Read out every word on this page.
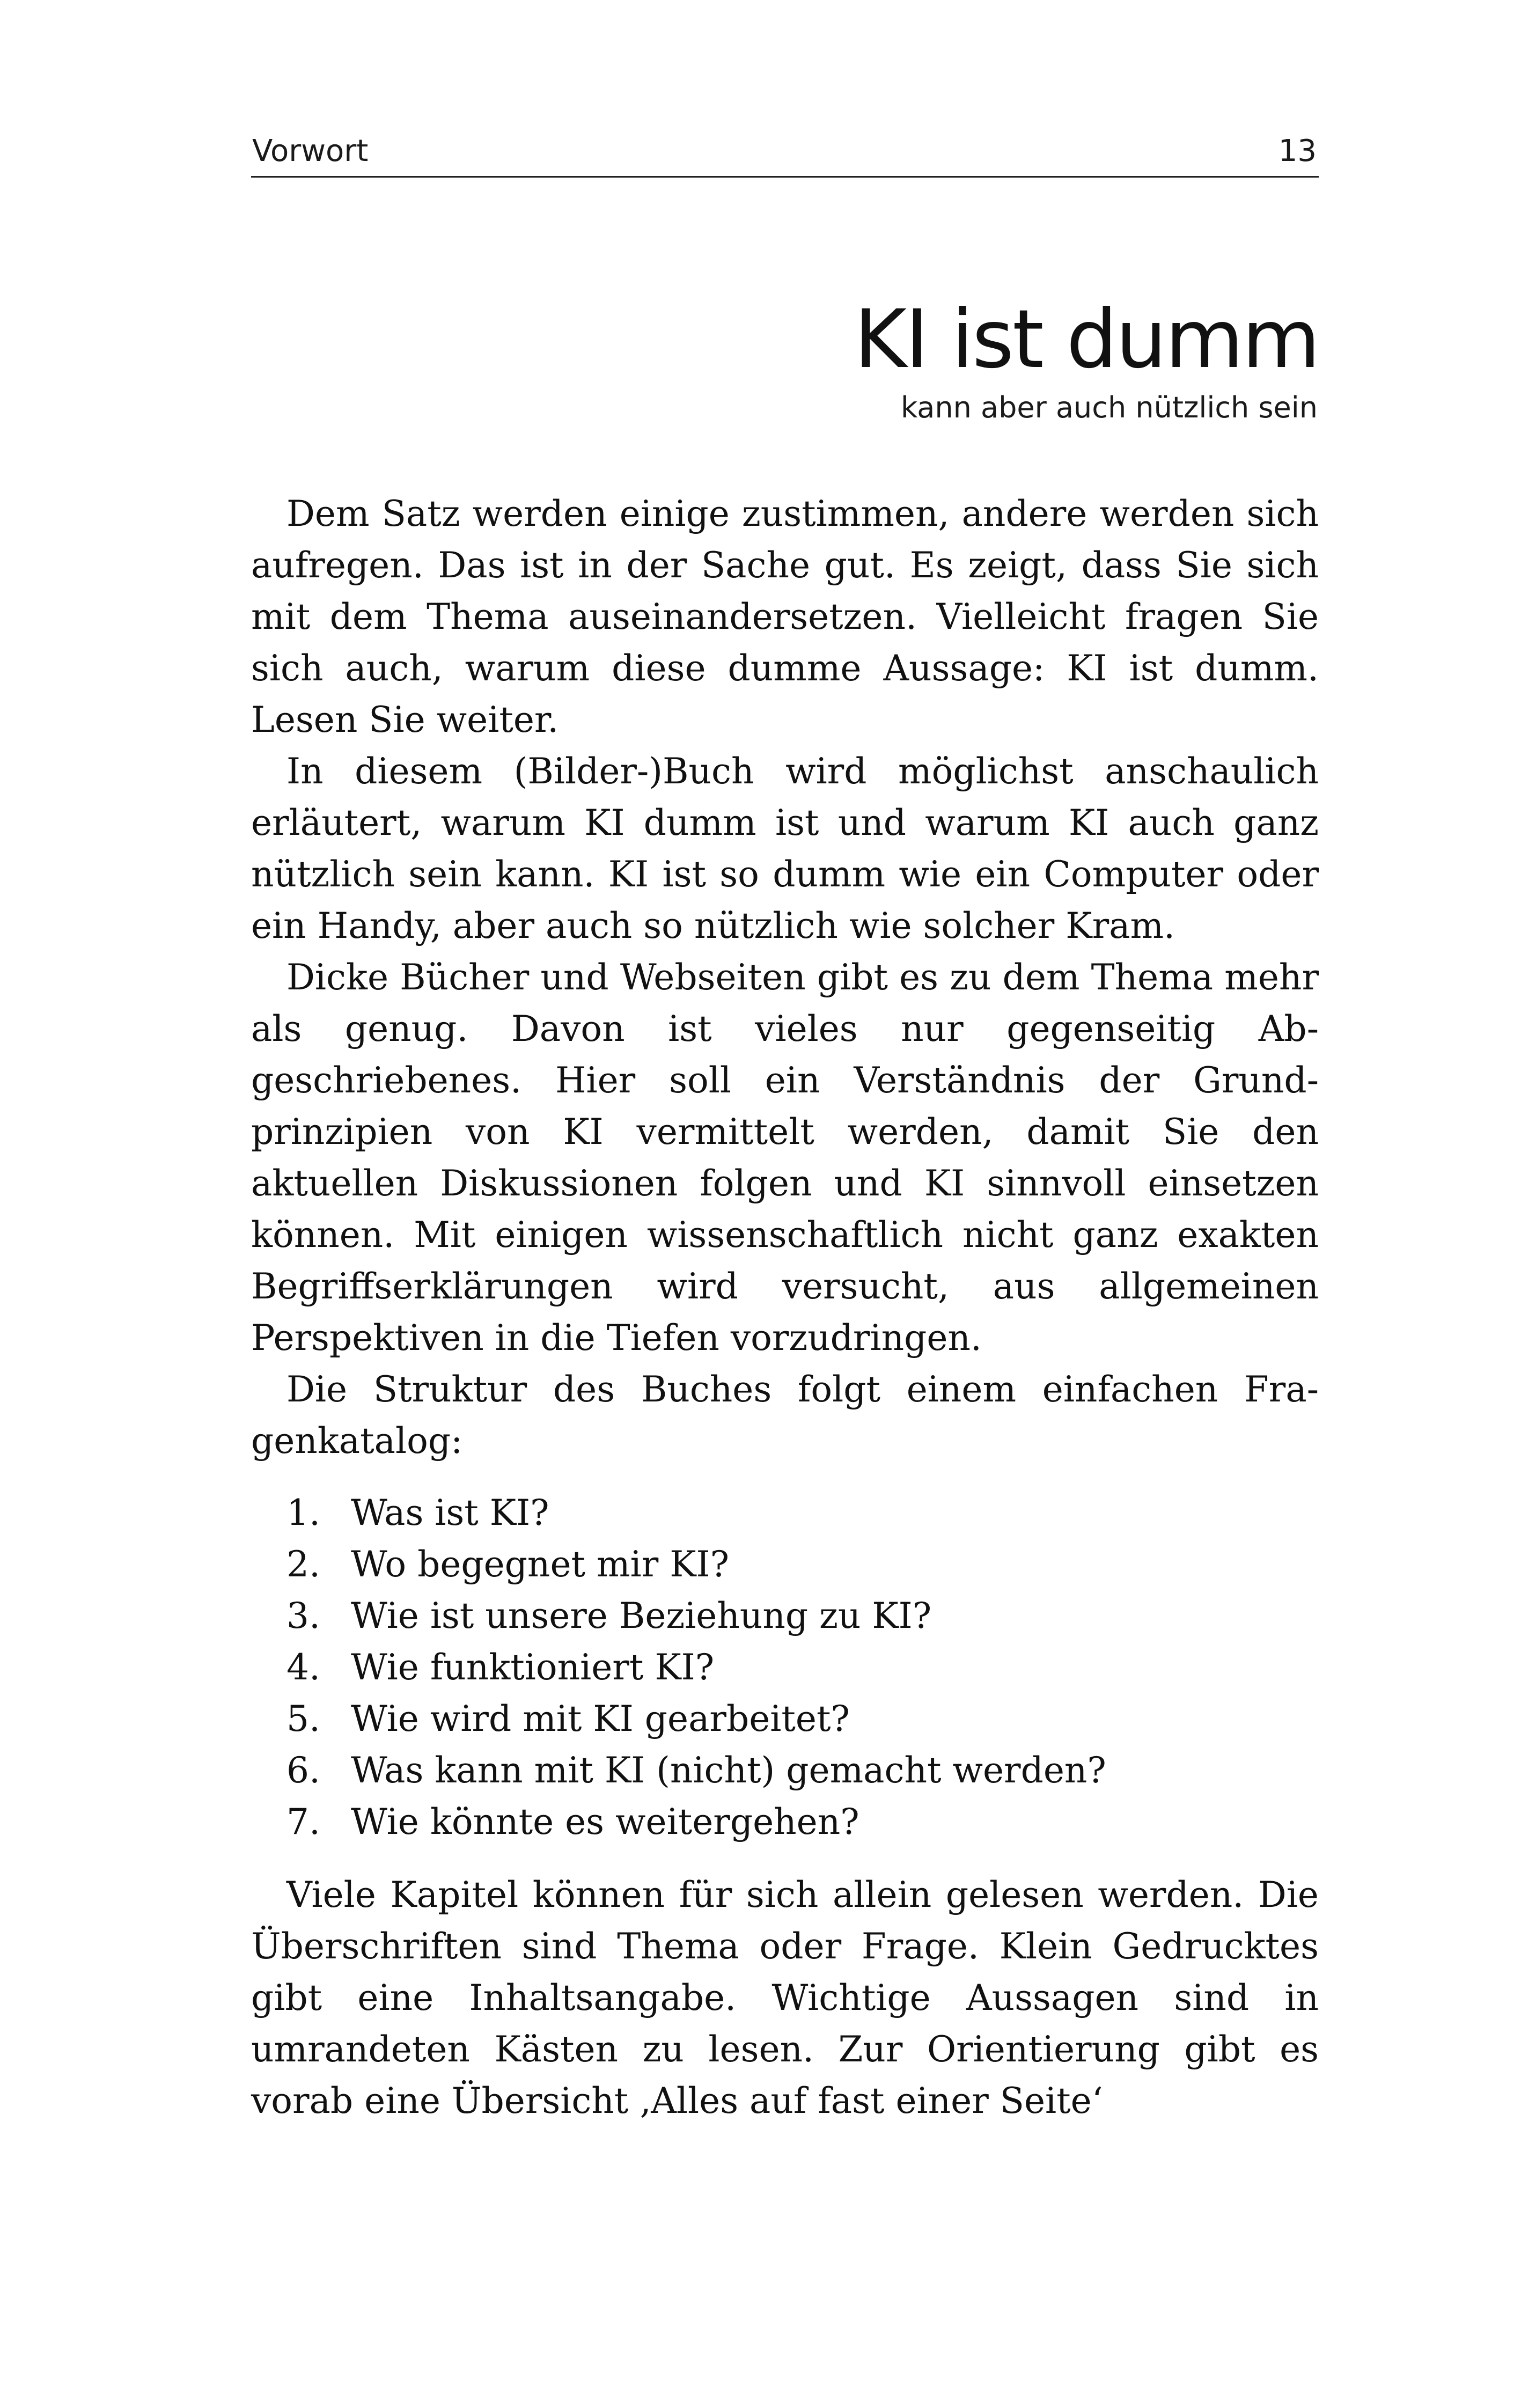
Vorwort	13
KI ist dumm
kann aber auch nützlich sein

Dem Satz werden einige zustimmen, andere werden sich aufregen. Das ist in der Sache gut. Es zeigt, dass Sie sich mit dem Thema auseinandersetzen. Vielleicht fragen Sie sich auch, warum diese dumme Aussage: KI ist dumm. Lesen Sie weiter.

In diesem (Bilder-)Buch wird möglichst anschaulich erläutert, warum KI dumm ist und warum KI auch ganz nützlich sein kann. KI ist so dumm wie ein Computer oder ein Handy, aber auch so nützlich wie solcher Kram.

Dicke Bücher und Webseiten gibt es zu dem Thema mehr als genug. Davon ist vieles nur gegenseitig Abgeschriebenes. Hier soll ein Verständnis der Grundprinzipien von KI vermittelt werden, damit Sie den aktuellen Diskussionen folgen und KI sinnvoll einsetzen können. Mit einigen wissenschaftlich nicht ganz exakten Begriffserklärungen wird versucht, aus allgemeinen Perspektiven in die Tiefen vorzudringen.

Die Struktur des Buches folgt einem einfachen Fragenkatalog:

1. Was ist KI?
2. Wo begegnet mir KI?
3. Wie ist unsere Beziehung zu KI?
4. Wie funktioniert KI?
5. Wie wird mit KI gearbeitet?
6. Was kann mit KI (nicht) gemacht werden?
7. Wie könnte es weitergehen?

Viele Kapitel können für sich allein gelesen werden. Die Überschriften sind Thema oder Frage. Klein Gedrucktes gibt eine Inhaltsangabe. Wichtige Aussagen sind in umrandeten Kästen zu lesen. Zur Orientierung gibt es vorab eine Übersicht ‚Alles auf fast einer Seite‘
